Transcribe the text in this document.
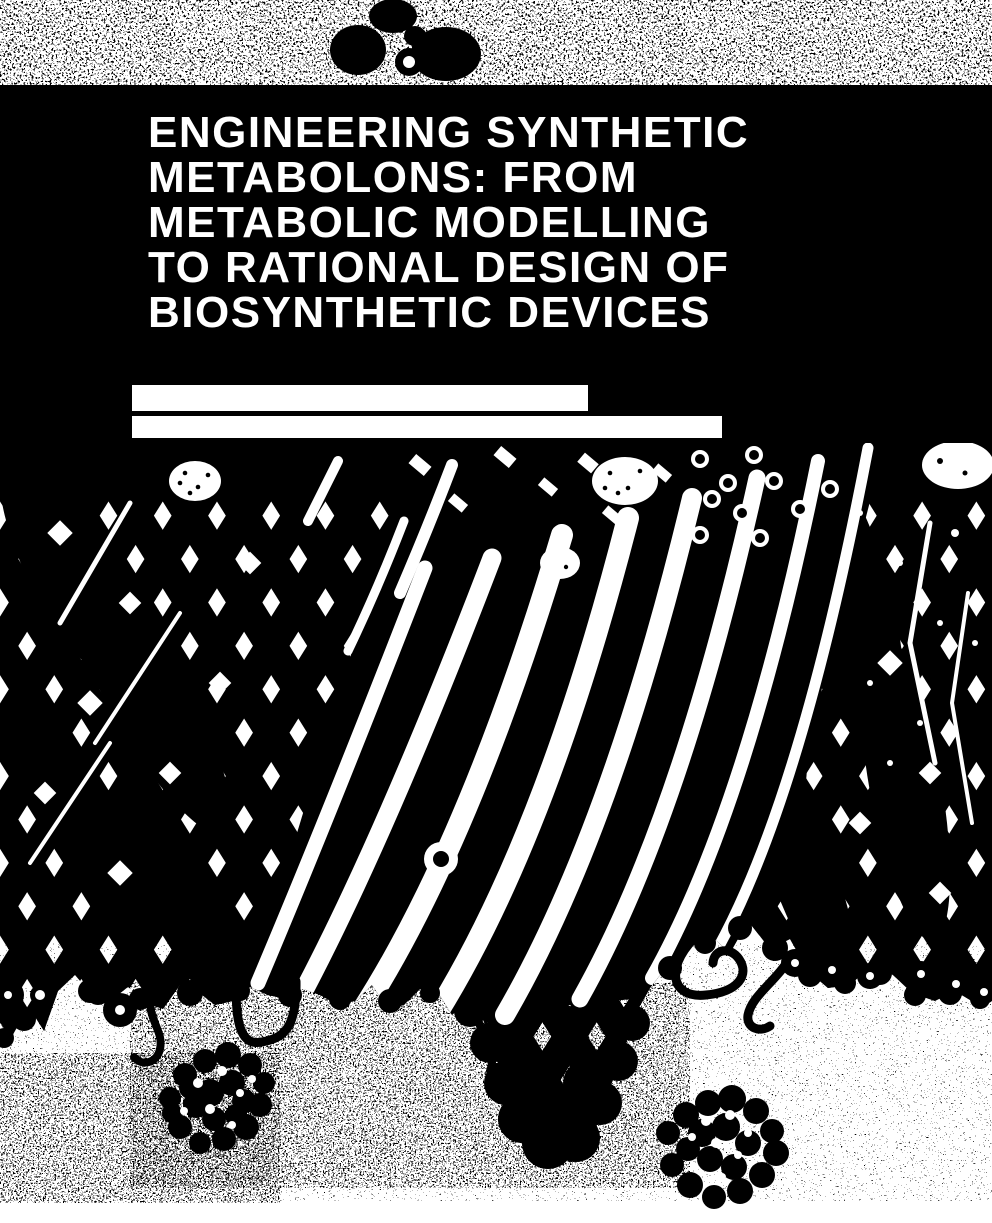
ENGINEERING SYNTHETIC
METABOLONS: FROM
METABOLIC MODELLING
TO RATIONAL DESIGN OF
BIOSYNTHETIC DEVICES
